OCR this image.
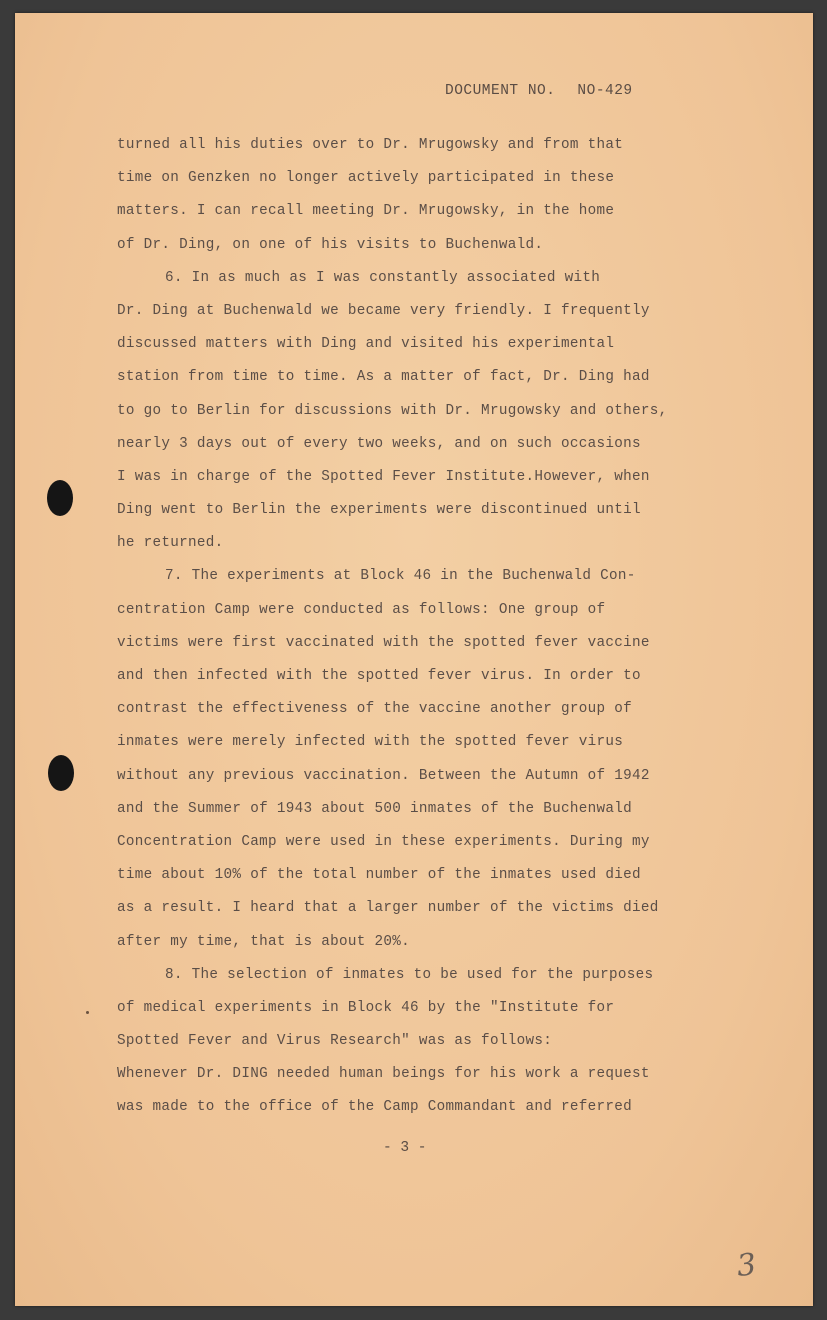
DOCUMENT NO. NO-429
turned all his duties over to Dr. Mrugowsky and from that
time on Genzken no longer actively participated in these
matters. I can recall meeting Dr. Mrugowsky, in the home
of Dr. Ding, on one of his visits to Buchenwald.
6. In as much as I was constantly associated with
Dr. Ding at Buchenwald we became very friendly. I frequently
discussed matters with Ding and visited his experimental
station from time to time. As a matter of fact, Dr. Ding had
to go to Berlin for discussions with Dr. Mrugowsky and others,
nearly 3 days out of every two weeks, and on such occasions
I was in charge of the Spotted Fever Institute.However, when
Ding went to Berlin the experiments were discontinued until
he returned.
7. The experiments at Block 46 in the Buchenwald Con-
centration Camp were conducted as follows: One group of
victims were first vaccinated with the spotted fever vaccine
and then infected with the spotted fever virus. In order to
contrast the effectiveness of the vaccine another group of
inmates were merely infected with the spotted fever virus
without any previous vaccination. Between the Autumn of 1942
and the Summer of 1943 about 500 inmates of the Buchenwald
Concentration Camp were used in these experiments. During my
time about 10% of the total number of the inmates used died
as a result. I heard that a larger number of the victims died
after my time, that is about 20%.
8. The selection of inmates to be used for the purposes
of medical experiments in Block 46 by the "Institute for
Spotted Fever and Virus Research" was as follows:
Whenever Dr. DING needed human beings for his work a request
was made to the office of the Camp Commandant and referred
- 3 -
3
